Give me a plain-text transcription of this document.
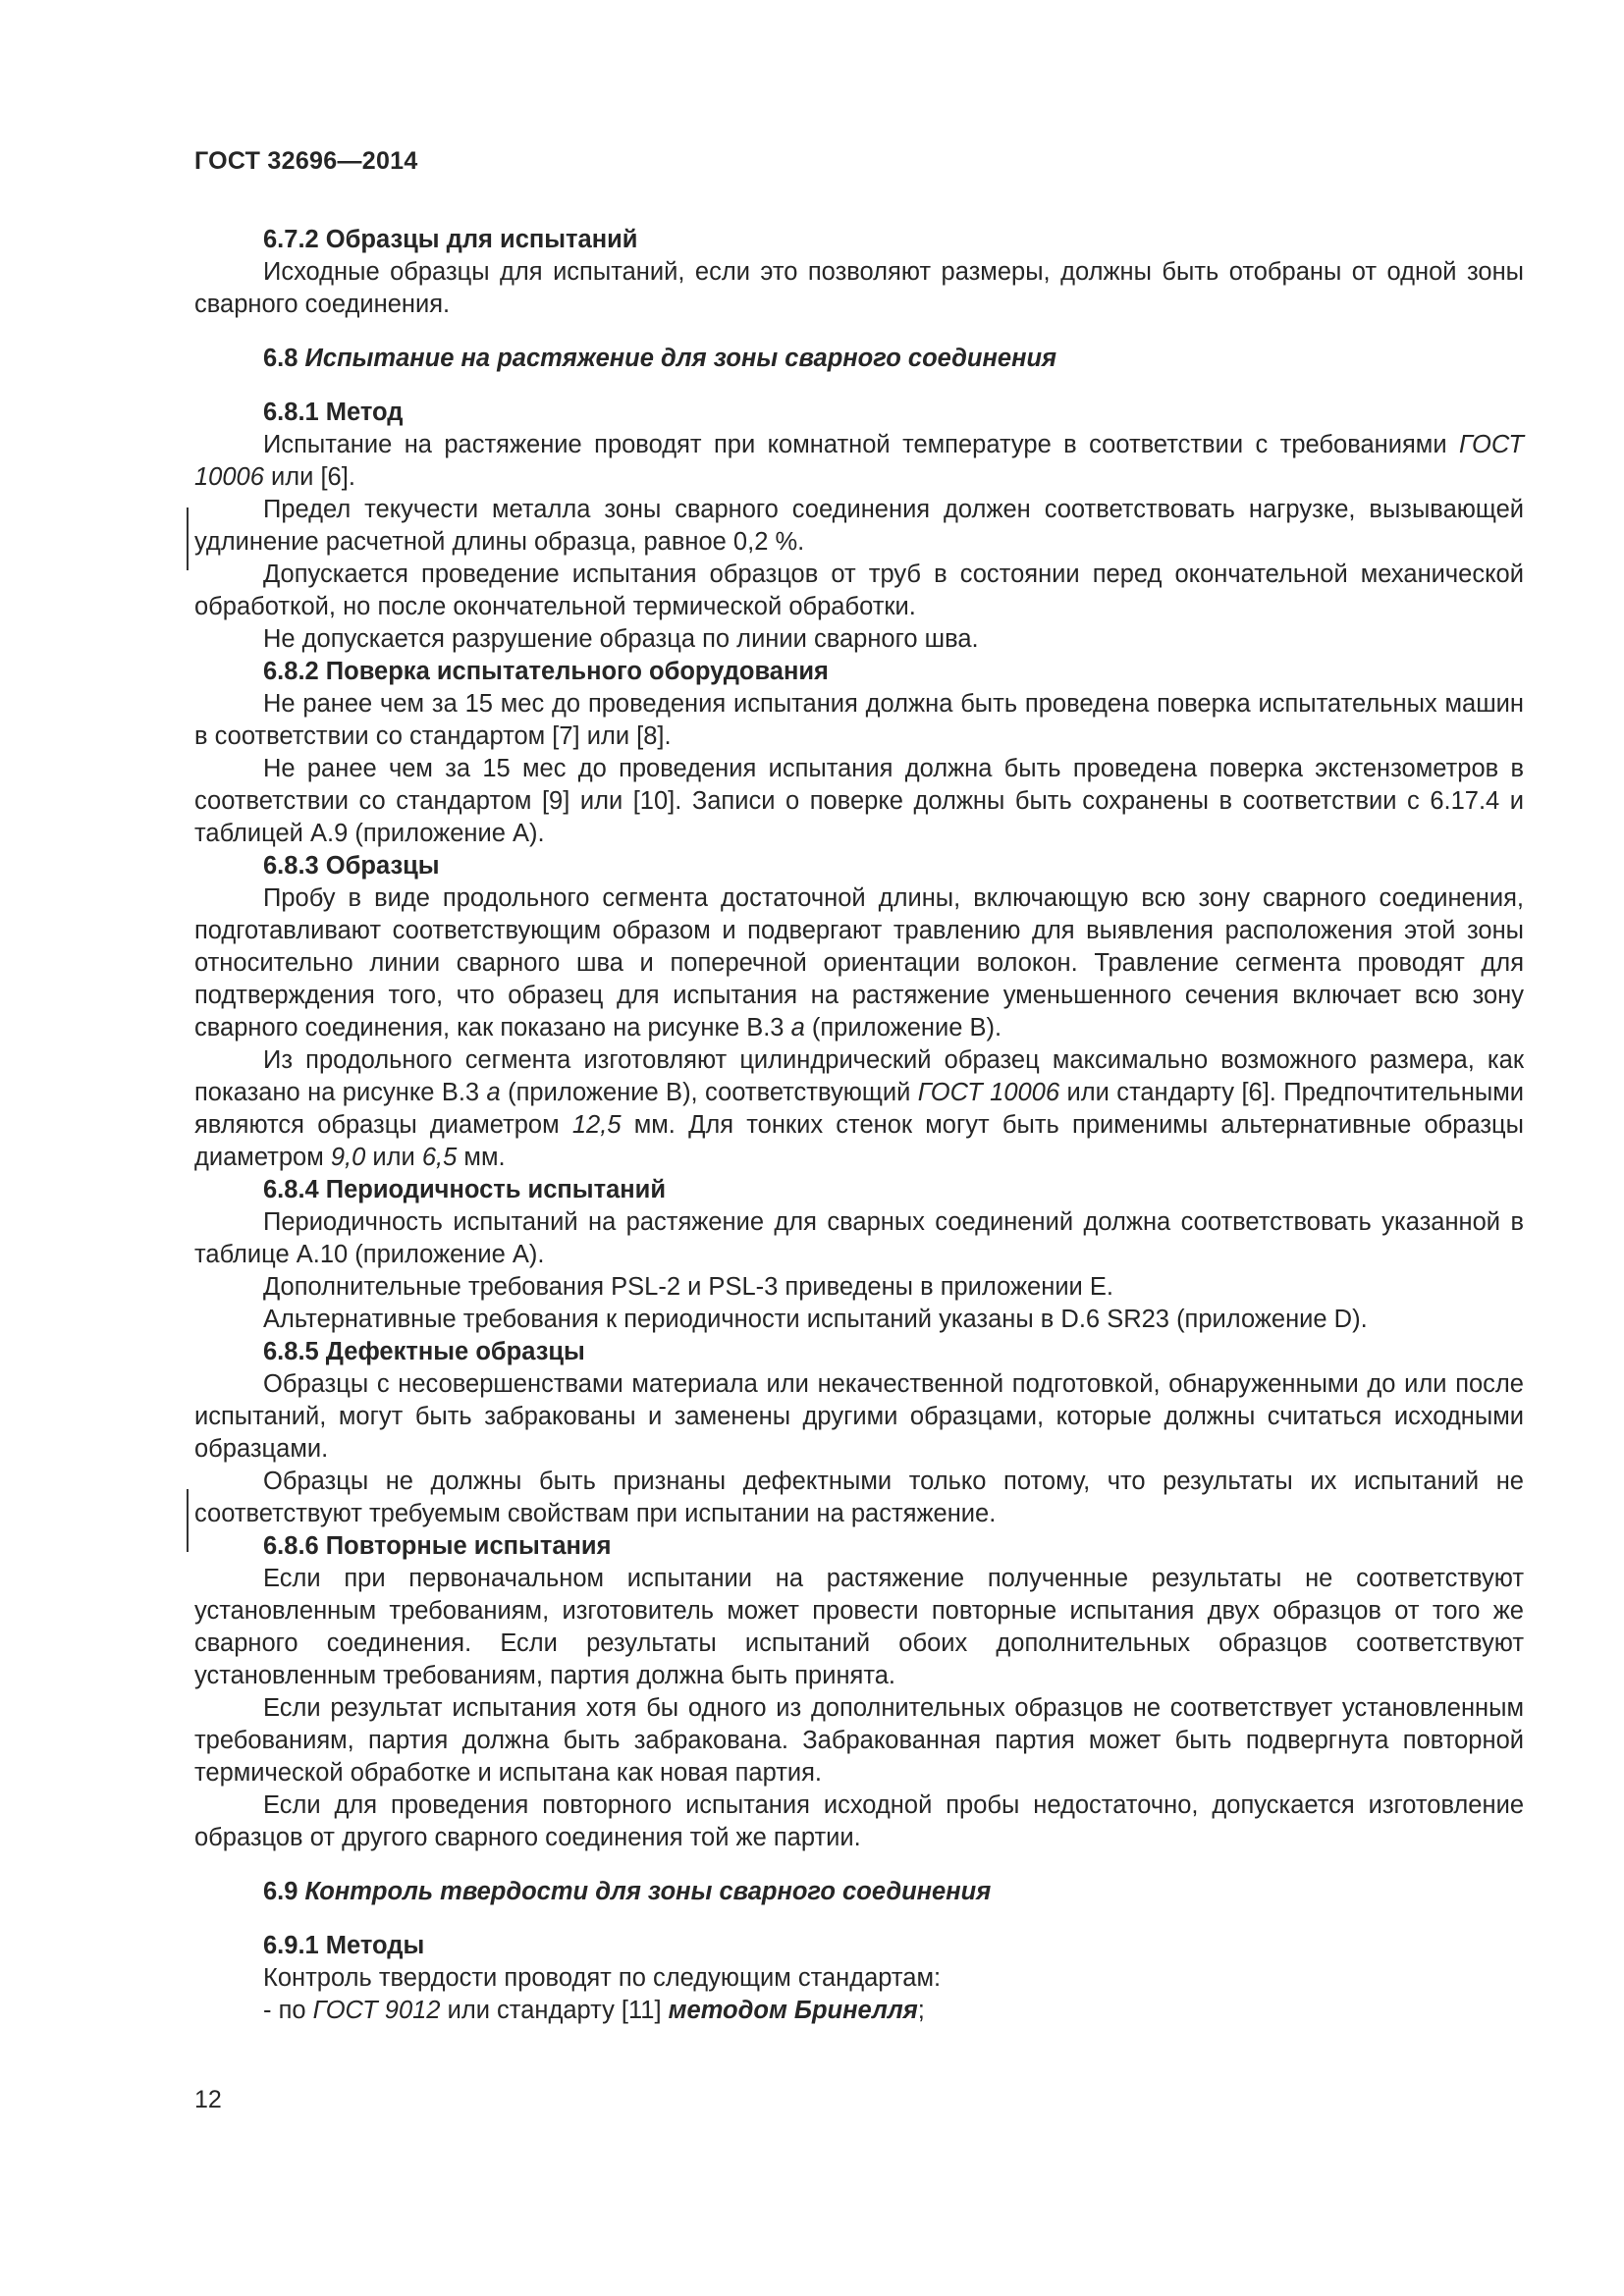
ГОСТ 32696—2014

6.7.2 Образцы для испытаний

Исходные образцы для испытаний, если это позволяют размеры, должны быть отобраны от одной зоны сварного соединения.

6.8 Испытание на растяжение для зоны сварного соединения

6.8.1 Метод

Испытание на растяжение проводят при комнатной температуре в соответствии с требованиями ГОСТ 10006 или [6].

Предел текучести металла зоны сварного соединения должен соответствовать нагрузке, вызывающей удлинение расчетной длины образца, равное 0,2 %.

Допускается проведение испытания образцов от труб в состоянии перед окончательной механической обработкой, но после окончательной термической обработки.

Не допускается разрушение образца по линии сварного шва.

6.8.2 Поверка испытательного оборудования

Не ранее чем за 15 мес до проведения испытания должна быть проведена поверка испытательных машин в соответствии со стандартом [7] или [8].

Не ранее чем за 15 мес до проведения испытания должна быть проведена поверка экстензометров в соответствии со стандартом [9] или [10]. Записи о поверке должны быть сохранены в соответствии с 6.17.4 и таблицей А.9 (приложение А).

6.8.3 Образцы

Пробу в виде продольного сегмента достаточной длины, включающую всю зону сварного соединения, подготавливают соответствующим образом и подвергают травлению для выявления расположения этой зоны относительно линии сварного шва и поперечной ориентации волокон. Травление сегмента проводят для подтверждения того, что образец для испытания на растяжение уменьшенного сечения включает всю зону сварного соединения, как показано на рисунке В.3 а (приложение В).

Из продольного сегмента изготовляют цилиндрический образец максимально возможного размера, как показано на рисунке В.3 а (приложение В), соответствующий ГОСТ 10006 или стандарту [6]. Предпочтительными являются образцы диаметром 12,5 мм. Для тонких стенок могут быть применимы альтернативные образцы диаметром 9,0 или 6,5 мм.

6.8.4 Периодичность испытаний

Периодичность испытаний на растяжение для сварных соединений должна соответствовать указанной в таблице А.10 (приложение А).

Дополнительные требования PSL-2 и PSL-3 приведены в приложении Е.

Альтернативные требования к периодичности испытаний указаны в D.6 SR23 (приложение D).

6.8.5 Дефектные образцы

Образцы с несовершенствами материала или некачественной подготовкой, обнаруженными до или после испытаний, могут быть забракованы и заменены другими образцами, которые должны считаться исходными образцами.

Образцы не должны быть признаны дефектными только потому, что результаты их испытаний не соответствуют требуемым свойствам при испытании на растяжение.

6.8.6 Повторные испытания

Если при первоначальном испытании на растяжение полученные результаты не соответствуют установленным требованиям, изготовитель может провести повторные испытания двух образцов от того же сварного соединения. Если результаты испытаний обоих дополнительных образцов соответствуют установленным требованиям, партия должна быть принята.

Если результат испытания хотя бы одного из дополнительных образцов не соответствует установленным требованиям, партия должна быть забракована. Забракованная партия может быть подвергнута повторной термической обработке и испытана как новая партия.

Если для проведения повторного испытания исходной пробы недостаточно, допускается изготовление образцов от другого сварного соединения той же партии.

6.9 Контроль твердости для зоны сварного соединения

6.9.1 Методы

Контроль твердости проводят по следующим стандартам:

- по ГОСТ 9012 или стандарту [11] методом Бринелля;

12
